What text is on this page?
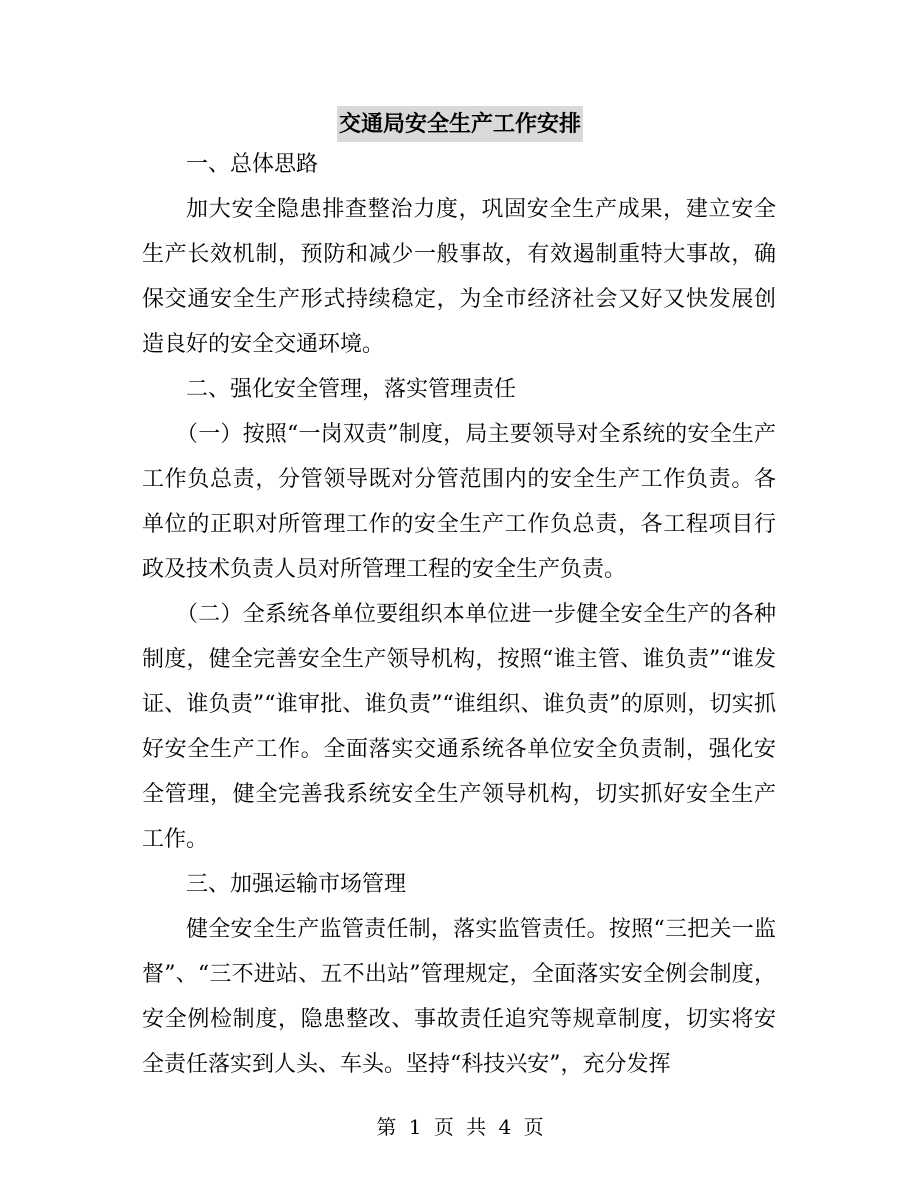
交通局安全生产工作安排

一、总体思路

加大安全隐患排查整治力度，巩固安全生产成果，建立安全生产长效机制，预防和减少一般事故，有效遏制重特大事故，确保交通安全生产形式持续稳定，为全市经济社会又好又快发展创造良好的安全交通环境。

二、强化安全管理，落实管理责任

（一）按照“一岗双责”制度，局主要领导对全系统的安全生产工作负总责，分管领导既对分管范围内的安全生产工作负责。各单位的正职对所管理工作的安全生产工作负总责，各工程项目行政及技术负责人员对所管理工程的安全生产负责。

（二）全系统各单位要组织本单位进一步健全安全生产的各种制度，健全完善安全生产领导机构，按照“谁主管、谁负责”“谁发证、谁负责”“谁审批、谁负责”“谁组织、谁负责”的原则，切实抓好安全生产工作。全面落实交通系统各单位安全负责制，强化安全管理，健全完善我系统安全生产领导机构，切实抓好安全生产工作。

三、加强运输市场管理

健全安全生产监管责任制，落实监管责任。按照“三把关一监督”、“三不进站、五不出站”管理规定，全面落实安全例会制度，安全例检制度，隐患整改、事故责任追究等规章制度，切实将安全责任落实到人头、车头。坚持“科技兴安”，充分发挥

第 1 页 共 4 页
